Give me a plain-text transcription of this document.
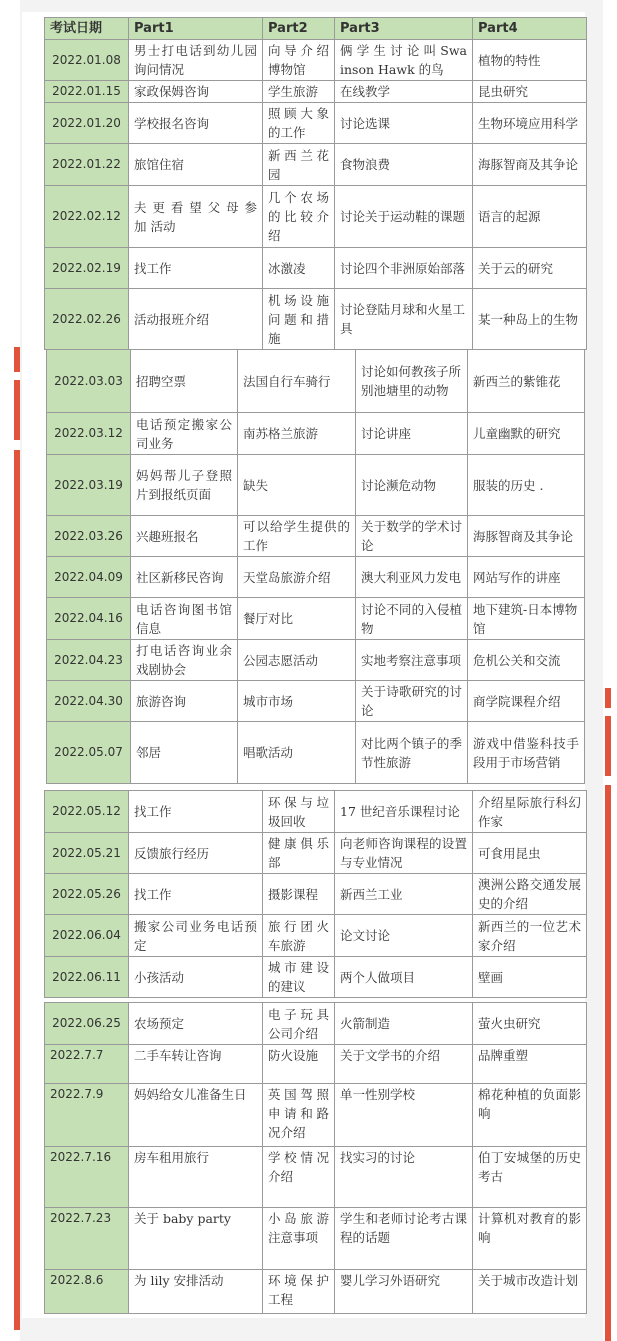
考试日期	Part1	Part2	Part3	Part4
2022.01.08	男士打电话到幼儿园询问情况	向导介绍博物馆	俩 学 生 讨 论 叫 Swainson Hawk 的鸟	植物的特性
2022.01.15	家政保姆咨询	学生旅游	在线教学	昆虫研究
2022.01.20	学校报名咨询	照顾大象的工作	讨论选课	生物环境应用科学
2022.01.22	旅馆住宿	新西兰花园	食物浪费	海豚智商及其争论
2022.02.12	夫 更 看 望 父 母 参 加 活动	几个农场的比较介绍	讨论关于运动鞋的课题	语言的起源
2022.02.19	找工作	冰激凌	讨论四个非洲原始部落	关于云的研究
2022.02.26	活动报班介绍	机场设施问题和措施	讨论登陆月球和火星工具	某一种岛上的生物
2022.03.03	招聘空票	法国自行车骑行	讨论如何教孩子所别池塘里的动物	新西兰的紫锥花
2022.03.12	电话预定搬家公司业务	南苏格兰旅游	讨论讲座	儿童幽默的研究
2022.03.19	妈妈帮儿子登照片到报纸页面	缺失	讨论濒危动物	服装的历史 .
2022.03.26	兴趣班报名	可以给学生提供的工作	关于数学的学术讨论	海豚智商及其争论
2022.04.09	社区新移民咨询	天堂岛旅游介绍	澳大利亚风力发电	网站写作的讲座
2022.04.16	电话咨询图书馆信息	餐厅对比	讨论不同的入侵植物	地下建筑-日本博物馆
2022.04.23	打电话咨询业余戏剧协会	公园志愿活动	实地考察注意事项	危机公关和交流
2022.04.30	旅游咨询	城市市场	关于诗歌研究的讨论	商学院课程介绍
2022.05.07	邻居	唱歌活动	对比两个镇子的季节性旅游	游戏中借鉴科技手段用于市场营销
2022.05.12	找工作	环保与垃圾回收	17 世纪音乐课程讨论	介绍星际旅行科幻作家
2022.05.21	反馈旅行经历	健康俱乐部	向老师咨询课程的设置与专业情况	可食用昆虫
2022.05.26	找工作	摄影课程	新西兰工业	澳洲公路交通发展史的介绍
2022.06.04	搬家公司业务电话预定	旅行团火车旅游	论文讨论	新西兰的一位艺术家介绍
2022.06.11	小孩活动	城市建设的建议	两个人做项目	壁画
2022.06.25	农场预定	电子玩具公司介绍	火箭制造	萤火虫研究
2022.7.7	二手车转让咨询	防火设施	关于文学书的介绍	品牌重塑
2022.7.9	妈妈给女儿准备生日	英国驾照申请和路况介绍	单一性别学校	棉花种植的负面影响
2022.7.16	房车租用旅行	学校情况介绍	找实习的讨论	伯丁安城堡的历史考古
2022.7.23	关于 baby party	小岛旅游注意事项	学生和老师讨论考古课程的话题	计算机对教育的影响
2022.8.6	为 lily 安排活动	环境保护工程	婴儿学习外语研究	关于城市改造计划
